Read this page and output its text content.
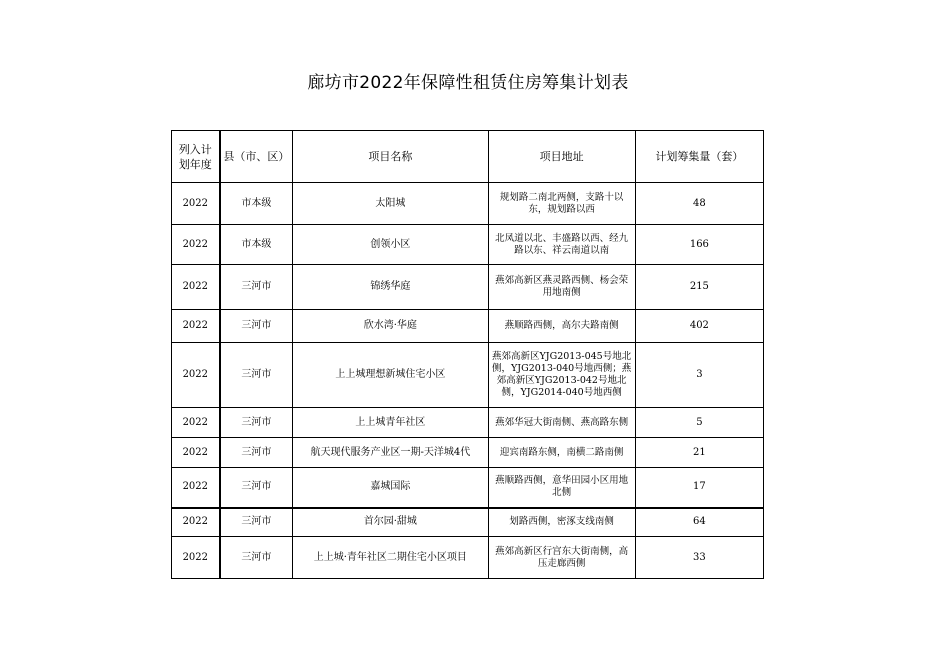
廊坊市2022年保障性租赁住房筹集计划表
列入计划年度	县（市、区）	项目名称	项目地址	计划筹集量（套）
2022	市本级	太阳城	规划路二南北两侧，支路十以东，规划路以西	48
2022	市本级	创领小区	北凤道以北、丰盛路以西、经九路以东、祥云南道以南	166
2022	三河市	锦绣华庭	燕郊高新区燕灵路西侧、杨会荣用地南侧	215
2022	三河市	欣水湾·华庭	燕顺路西侧，高尔夫路南侧	402
2022	三河市	上上城理想新城住宅小区	燕郊高新区YJG2013-045号地北侧，YJG2013-040号地西侧；燕郊高新区YJG2013-042号地北侧，YJG2014-040号地西侧	3
2022	三河市	上上城青年社区	燕郊华冠大街南侧、燕高路东侧	5
2022	三河市	航天现代服务产业区一期-天洋城4代	迎宾南路东侧，南横二路南侧	21
2022	三河市	嘉城国际	燕顺路西侧，意华田园小区用地北侧	17
2022	三河市	首尔园·甜城	划路西侧，密涿支线南侧	64
2022	三河市	上上城·青年社区二期住宅小区项目	燕郊高新区行宫东大街南侧，高压走廊西侧	33
